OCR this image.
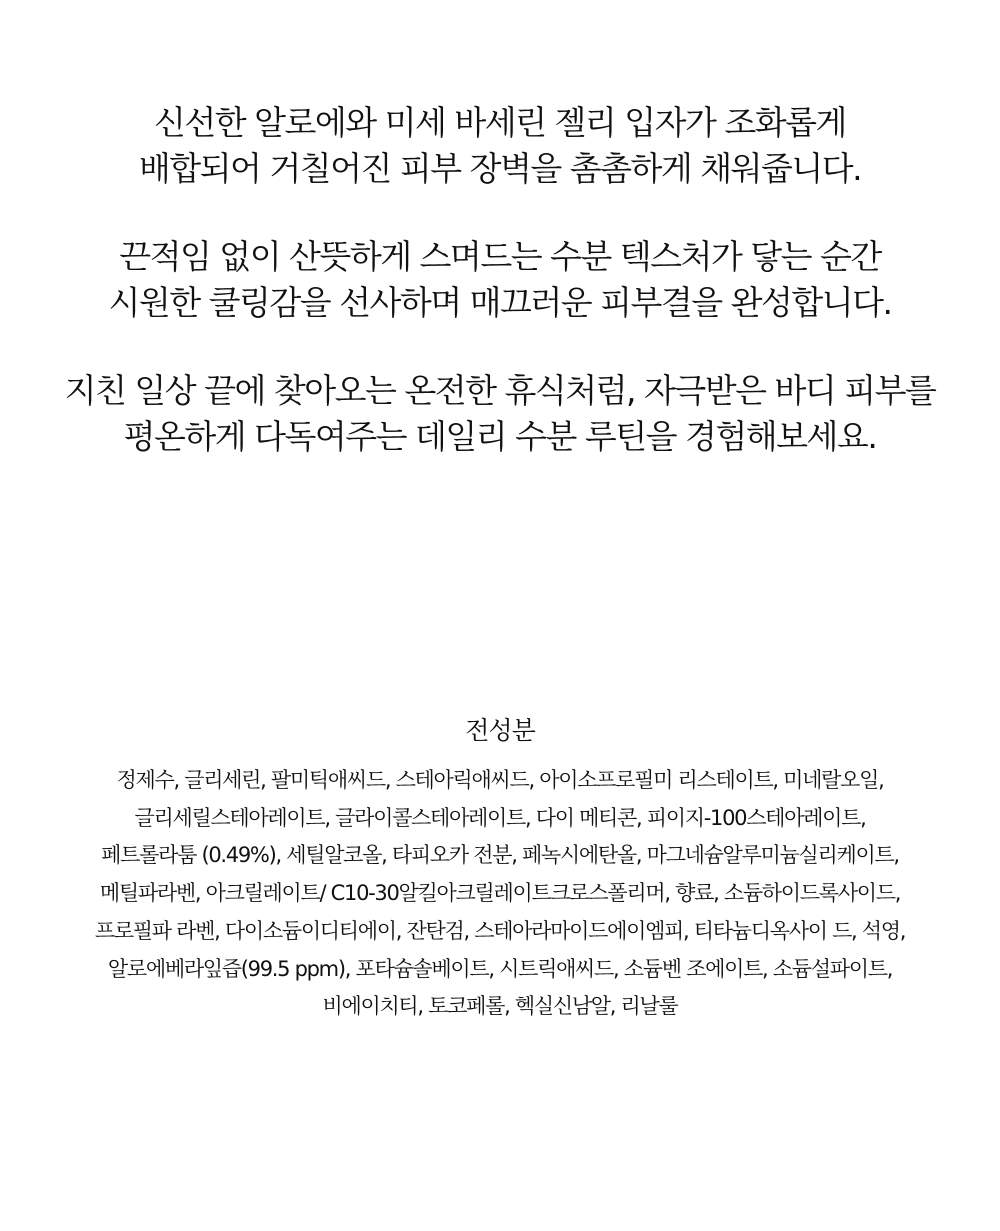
신선한 알로에와 미세 바세린 젤리 입자가 조화롭게
배합되어 거칠어진 피부 장벽을 촘촘하게 채워줍니다.

끈적임 없이 산뜻하게 스며드는 수분 텍스처가 닿는 순간
시원한 쿨링감을 선사하며 매끄러운 피부결을 완성합니다.

지친 일상 끝에 찾아오는 온전한 휴식처럼, 자극받은 바디 피부를
평온하게 다독여주는 데일리 수분 루틴을 경험해보세요.

전성분
정제수, 글리세린, 팔미틱애씨드, 스테아릭애씨드, 아이소프로필미 리스테이트, 미네랄오일,
글리세릴스테아레이트, 글라이콜스테아레이트, 다이 메티콘, 피이지-100스테아레이트,
페트롤라툼 (0.49%), 세틸알코올, 타피오카 전분, 페녹시에탄올, 마그네슘알루미늄실리케이트,
메틸파라벤, 아크릴레이트/ C10-30알킬아크릴레이트크로스폴리머, 향료, 소듐하이드록사이드,
프로필파 라벤, 다이소듐이디티에이, 잔탄검, 스테아라마이드에이엠피, 티타늄디옥사이 드, 석영,
알로에베라잎즙(99.5 ppm), 포타슘솔베이트, 시트릭애씨드, 소듐벤 조에이트, 소듐설파이트,
비에이치티, 토코페롤, 헥실신남알, 리날룰
